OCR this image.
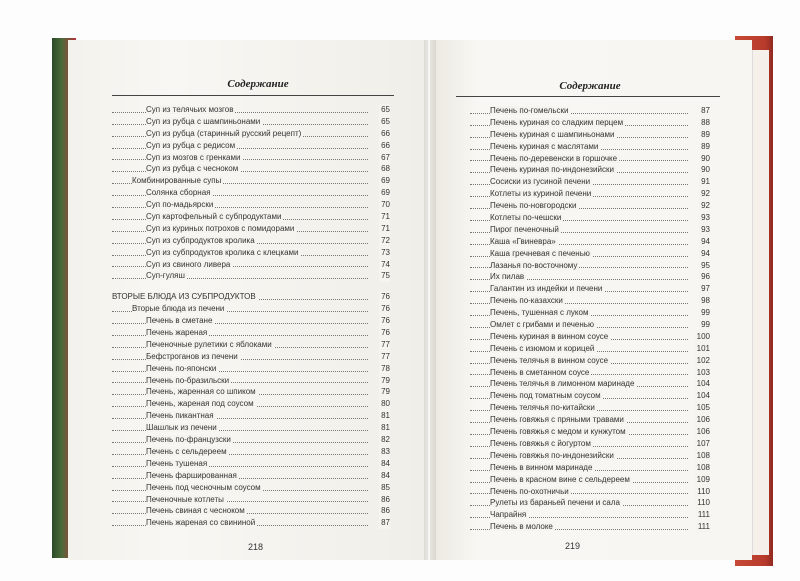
Содержание
Суп из телячьих мозгов	65
Суп из рубца с шампиньонами	65
Суп из рубца (старинный русский рецепт)	66
Суп из рубца с редисом	66
Суп из мозгов с гренками	67
Суп из рубца с чесноком	68
Комбинированные супы	69
Солянка сборная	69
Суп по-мадьярски	70
Суп картофельный с субпродуктами	71
Суп из куриных потрохов с помидорами	71
Суп из субпродуктов кролика	72
Суп из субпродуктов кролика с клецками	73
Суп из свиного ливера	74
Суп-гуляш	75
ВТОРЫЕ БЛЮДА ИЗ СУБПРОДУКТОВ	76
Вторые блюда из печени	76
Печень в сметане	76
Печень жареная	76
Печеночные рулетики с яблоками	77
Бефстроганов из печени	77
Печень по-японски	78
Печень по-бразильски	79
Печень, жаренная со шпиком	79
Печень, жареная под соусом	80
Печень пикантная	81
Шашлык из печени	81
Печень по-французски	82
Печень с сельдереем	83
Печень тушеная	84
Печень фаршированная	84
Печень под чесночным соусом	85
Печеночные котлеты	86
Печень свиная с чесноком	86
Печень жареная со свининой	87
218
Содержание
Печень по-гомельски	87
Печень куриная со сладким перцем	88
Печень куриная с шампиньонами	89
Печень куриная с маслятами	89
Печень по-деревенски в горшочке	90
Печень куриная по-индонезийски	90
Сосиски из гусиной печени	91
Котлеты из куриной печени	92
Печень по-новгородски	92
Котлеты по-чешски	93
Пирог печеночный	93
Каша «Гвиневра»	94
Каша гречневая с печенью	94
Лазанья по-восточному	95
Их пилав	96
Галантин из индейки и печени	97
Печень по-казахски	98
Печень, тушенная с луком	99
Омлет с грибами и печенью	99
Печень куриная в винном соусе	100
Печень с изюмом и корицей	101
Печень телячья в винном соусе	102
Печень в сметанном соусе	103
Печень телячья в лимонном маринаде	104
Печень под томатным соусом	104
Печень телячья по-китайски	105
Печень говяжья с пряными травами	106
Печень говяжья с медом и кунжутом	106
Печень говяжья с йогуртом	107
Печень говяжья по-индонезийски	108
Печень в винном маринаде	108
Печень в красном вине с сельдереем	109
Печень по-охотничьи	110
Рулеты из бараньей печени и сала	110
Чапрайня	111
Печень в молоке	111
219
